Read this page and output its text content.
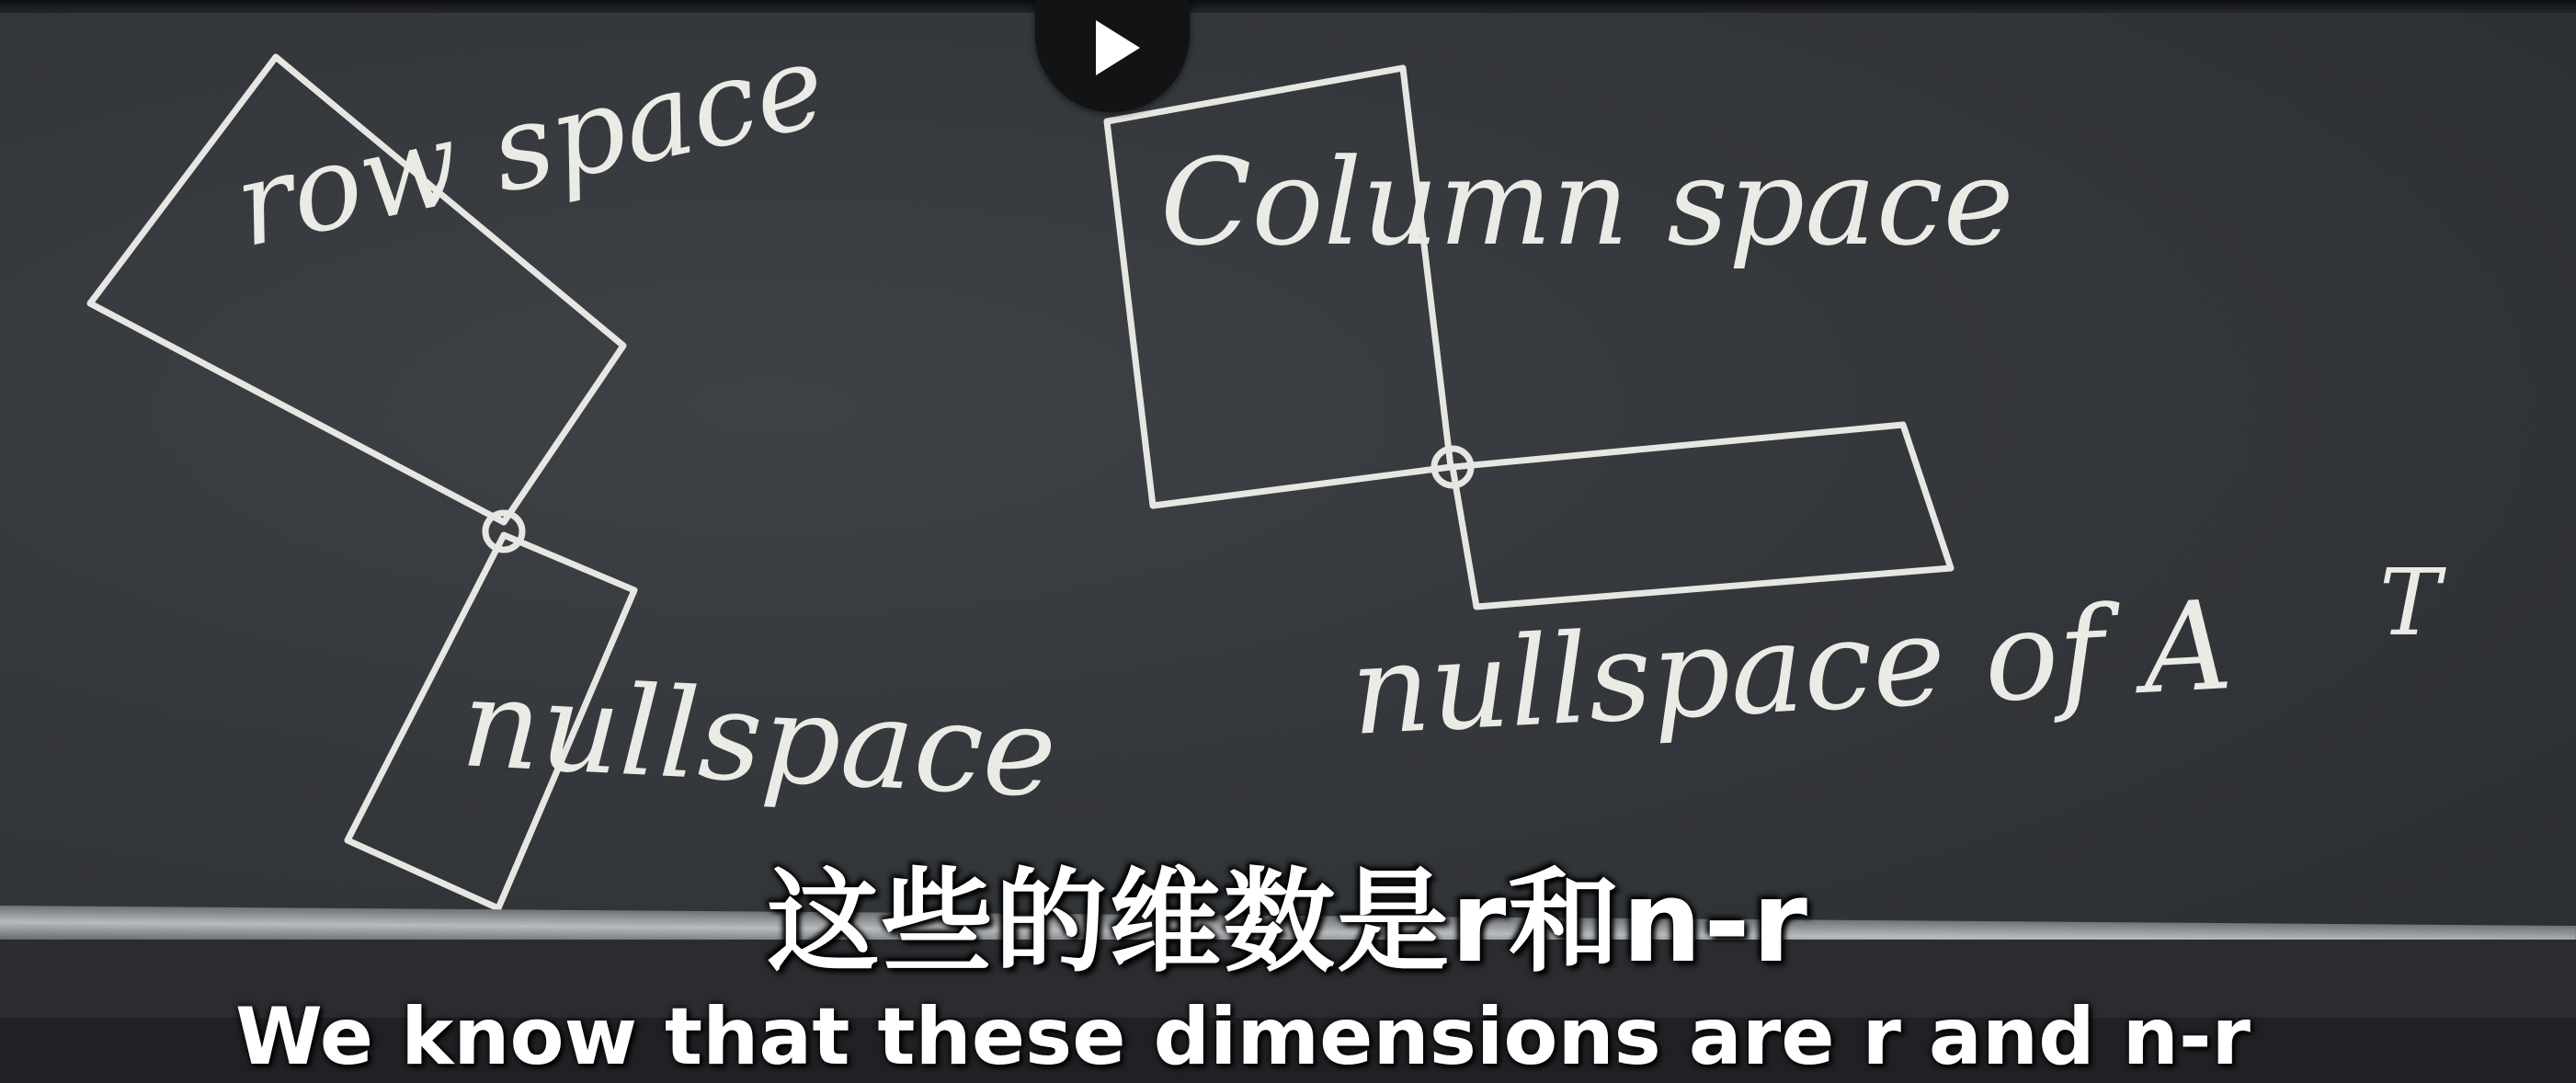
row space
nullspace
Column space
nullspace of A T
这些的维数是r和n-r
We know that these dimensions are r and n-r
